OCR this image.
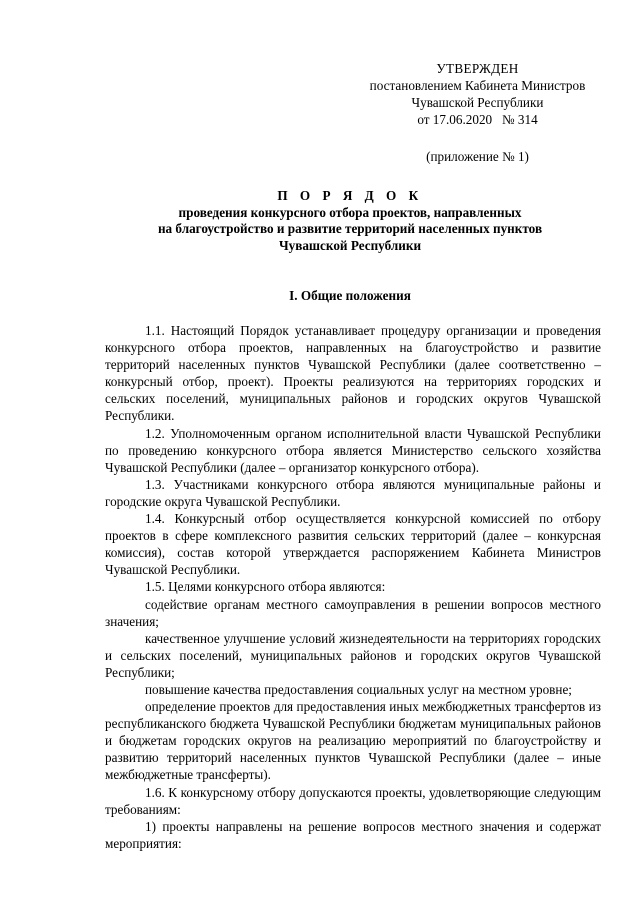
УТВЕРЖДЕН
постановлением Кабинета Министров
Чувашской Республики
от 17.06.2020   № 314
(приложение № 1)
П О Р Я Д О К
проведения конкурсного отбора проектов, направленных
на благоустройство и развитие территорий населенных пунктов
Чувашской Республики
I. Общие положения

1.1. Настоящий Порядок устанавливает процедуру организации и проведения конкурсного отбора проектов, направленных на благоустройство и развитие территорий населенных пунктов Чувашской Республики (далее соответственно – конкурсный отбор, проект). Проекты реализуются на территориях городских и сельских поселений, муниципальных районов и городских округов Чувашской Республики.

1.2. Уполномоченным органом исполнительной власти Чувашской Республики по проведению конкурсного отбора является Министерство сельского хозяйства Чувашской Республики (далее – организатор конкурсного отбора).

1.3. Участниками конкурсного отбора являются муниципальные районы и городские округа Чувашской Республики.

1.4. Конкурсный отбор осуществляется конкурсной комиссией по отбору проектов в сфере комплексного развития сельских территорий (далее – конкурсная комиссия), состав которой утверждается распоряжением Кабинета Министров Чувашской Республики.

1.5. Целями конкурсного отбора являются:

содействие органам местного самоуправления в решении вопросов местного значения;

качественное улучшение условий жизнедеятельности на территориях городских и сельских поселений, муниципальных районов и городских округов Чувашской Республики;

повышение качества предоставления социальных услуг на местном уровне;

определение проектов для предоставления иных межбюджетных трансфертов из республиканского бюджета Чувашской Республики бюджетам муниципальных районов и бюджетам городских округов на реализацию мероприятий по благоустройству и развитию территорий населенных пунктов Чувашской Республики (далее – иные межбюджетные трансферты).

1.6. К конкурсному отбору допускаются проекты, удовлетворяющие следующим требованиям:

1) проекты направлены на решение вопросов местного значения и содержат мероприятия:
